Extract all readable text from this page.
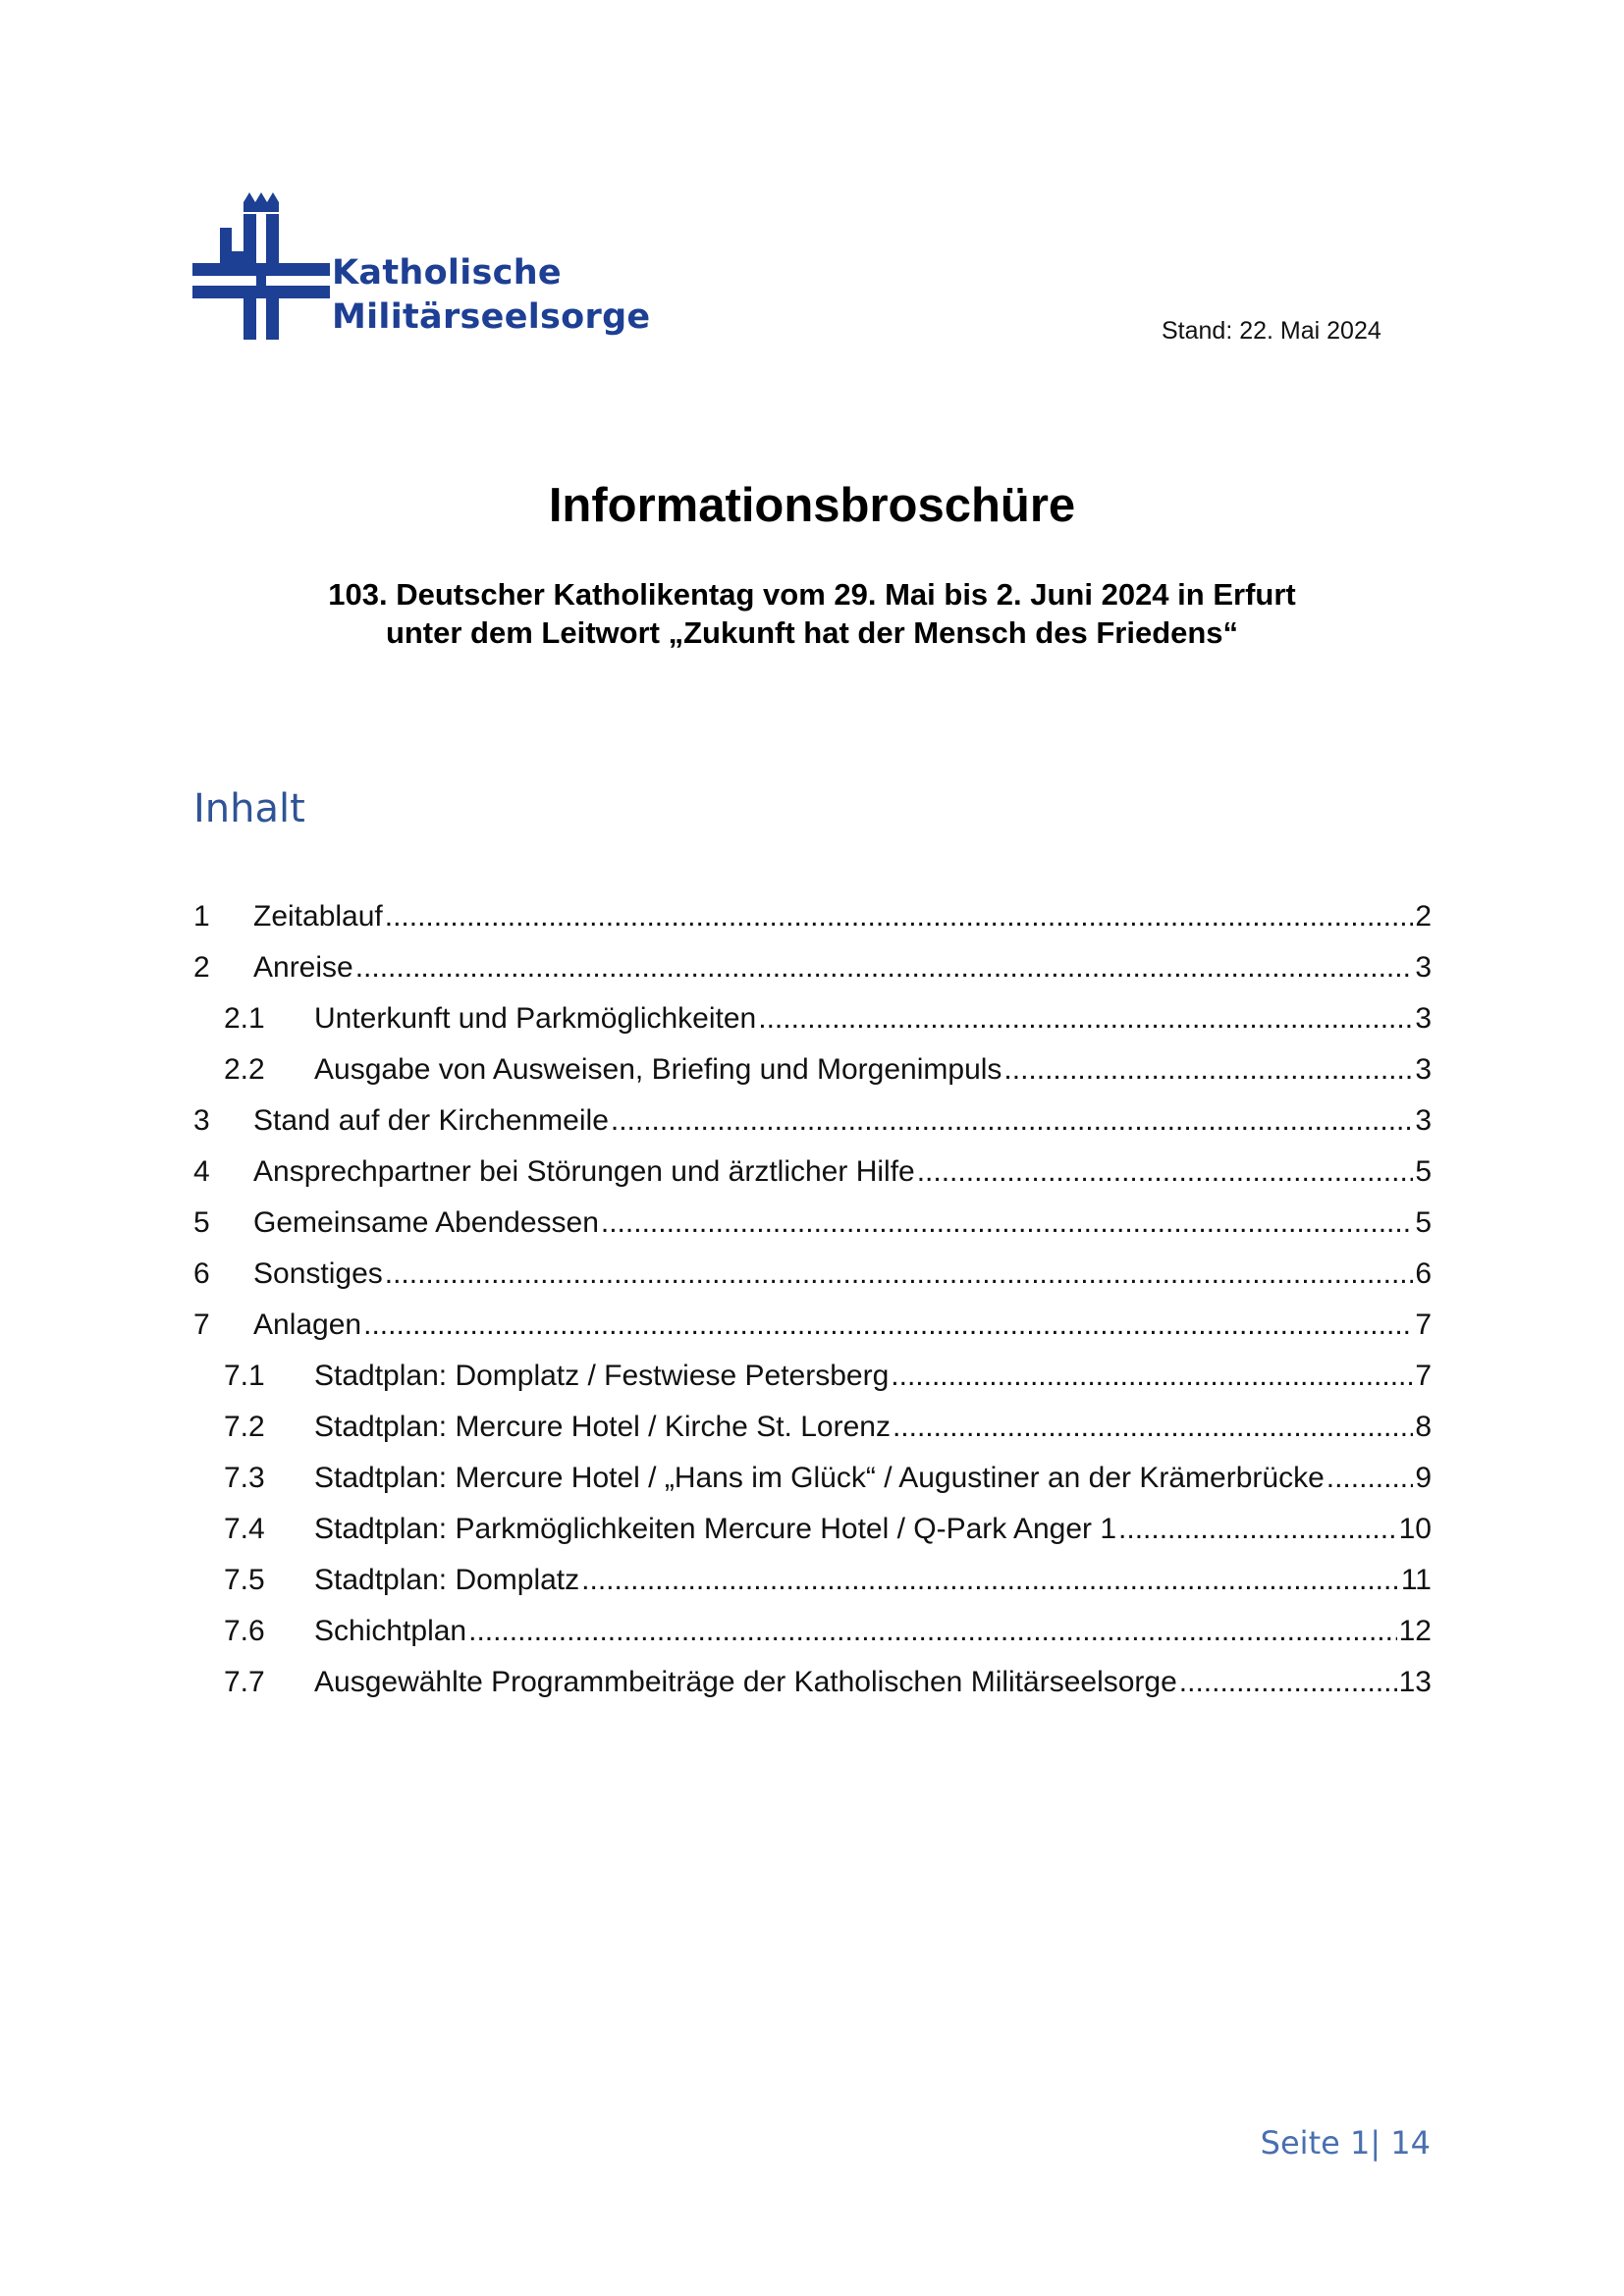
Katholische
Militärseelsorge	Stand: 22. Mai 2024
Informationsbroschüre
103. Deutscher Katholikentag vom 29. Mai bis 2. Juni 2024 in Erfurt
unter dem Leitwort „Zukunft hat der Mensch des Friedens“
Inhalt
1 Zeitablauf .....	2
2 Anreise .....	3
2.1 Unterkunft und Parkmöglichkeiten .....	3
2.2 Ausgabe von Ausweisen, Briefing und Morgenimpuls .....	3
3 Stand auf der Kirchenmeile .....	3
4 Ansprechpartner bei Störungen und ärztlicher Hilfe .....	5
5 Gemeinsame Abendessen .....	5
6 Sonstiges .....	6
7 Anlagen .....	7
7.1 Stadtplan: Domplatz / Festwiese Petersberg .....	7
7.2 Stadtplan: Mercure Hotel / Kirche St. Lorenz .....	8
7.3 Stadtplan: Mercure Hotel / „Hans im Glück“ / Augustiner an der Krämerbrücke .....	9
7.4 Stadtplan: Parkmöglichkeiten Mercure Hotel / Q-Park Anger 1 .....	10
7.5 Stadtplan: Domplatz .....	11
7.6 Schichtplan .....	12
7.7 Ausgewählte Programmbeiträge der Katholischen Militärseelsorge .....	13
Seite 1| 14
